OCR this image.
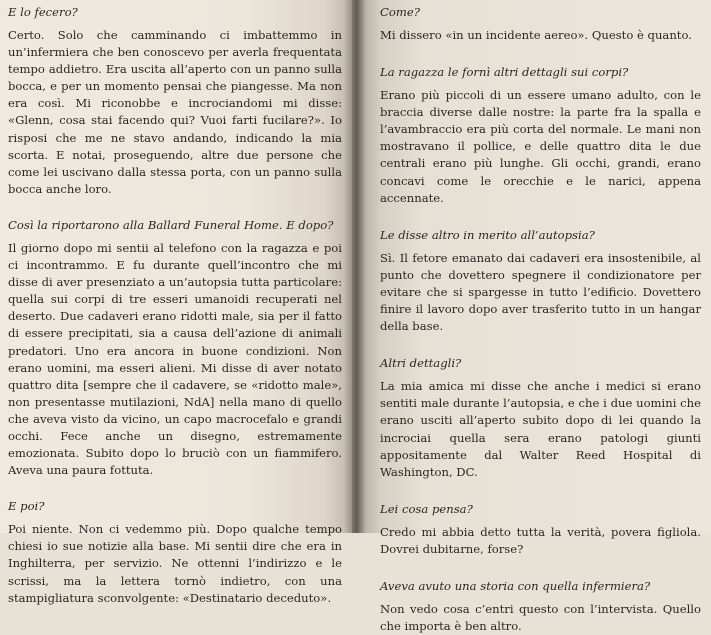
E lo fecero?

Certo. Solo che camminando ci imbattemmo in un’infermiera che ben conoscevo per averla frequentata tempo addietro. Era uscita all’aperto con un panno sulla bocca, e per un momento pensai che piangesse. Ma non era così. Mi riconobbe e incrociandomi mi disse: «Glenn, cosa stai facendo qui? Vuoi farti fucilare?». Io risposi che me ne stavo andando, indicando la mia scorta. E notai, proseguendo, altre due persone che come lei uscivano dalla stessa porta, con un panno sulla bocca anche loro.

Così la riportarono alla Ballard Funeral Home. E dopo?

Il giorno dopo mi sentii al telefono con la ragazza e poi ci incontrammo. E fu durante quell’incontro che mi disse di aver presenziato a un’autopsia tutta particolare: quella sui corpi di tre esseri umanoidi recuperati nel deserto. Due cadaveri erano ridotti male, sia per il fatto di essere precipitati, sia a causa dell’azione di animali predatori. Uno era ancora in buone condizioni. Non erano uomini, ma esseri alieni. Mi disse di aver notato quattro dita [sempre che il cadavere, se «ridotto male», non presentasse mutilazioni, NdA] nella mano di quello che aveva visto da vicino, un capo macrocefalo e grandi occhi. Fece anche un disegno, estremamente emozionata. Subito dopo lo bruciò con un fiammifero. Aveva una paura fottuta.

E poi?

Poi niente. Non ci vedemmo più. Dopo qualche tempo chiesi io sue notizie alla base. Mi sentii dire che era in Inghilterra, per servizio. Ne ottenni l’indirizzo e le scrissi, ma la lettera tornò indietro, con una stampigliatura sconvolgente: «Destinatario deceduto».

Come?

Mi dissero «in un incidente aereo». Questo è quanto.

La ragazza le fornì altri dettagli sui corpi?

Erano più piccoli di un essere umano adulto, con le braccia diverse dalle nostre: la parte fra la spalla e l’avambraccio era più corta del normale. Le mani non mostravano il pollice, e delle quattro dita le due centrali erano più lunghe. Gli occhi, grandi, erano concavi come le orecchie e le narici, appena accennate.

Le disse altro in merito all’autopsia?

Sì. Il fetore emanato dai cadaveri era insostenibile, al punto che dovettero spegnere il condizionatore per evitare che si spargesse in tutto l’edificio. Dovettero finire il lavoro dopo aver trasferito tutto in un hangar della base.

Altri dettagli?

La mia amica mi disse che anche i medici si erano sentiti male durante l’autopsia, e che i due uomini che erano usciti all’aperto subito dopo di lei quando la incrociai quella sera erano patologi giunti appositamente dal Walter Reed Hospital di Washington, DC.

Lei cosa pensa?

Credo mi abbia detto tutta la verità, povera figliola. Dovrei dubitarne, forse?

Aveva avuto una storia con quella infermiera?

Non vedo cosa c’entri questo con l’intervista. Quello che importa è ben altro.
